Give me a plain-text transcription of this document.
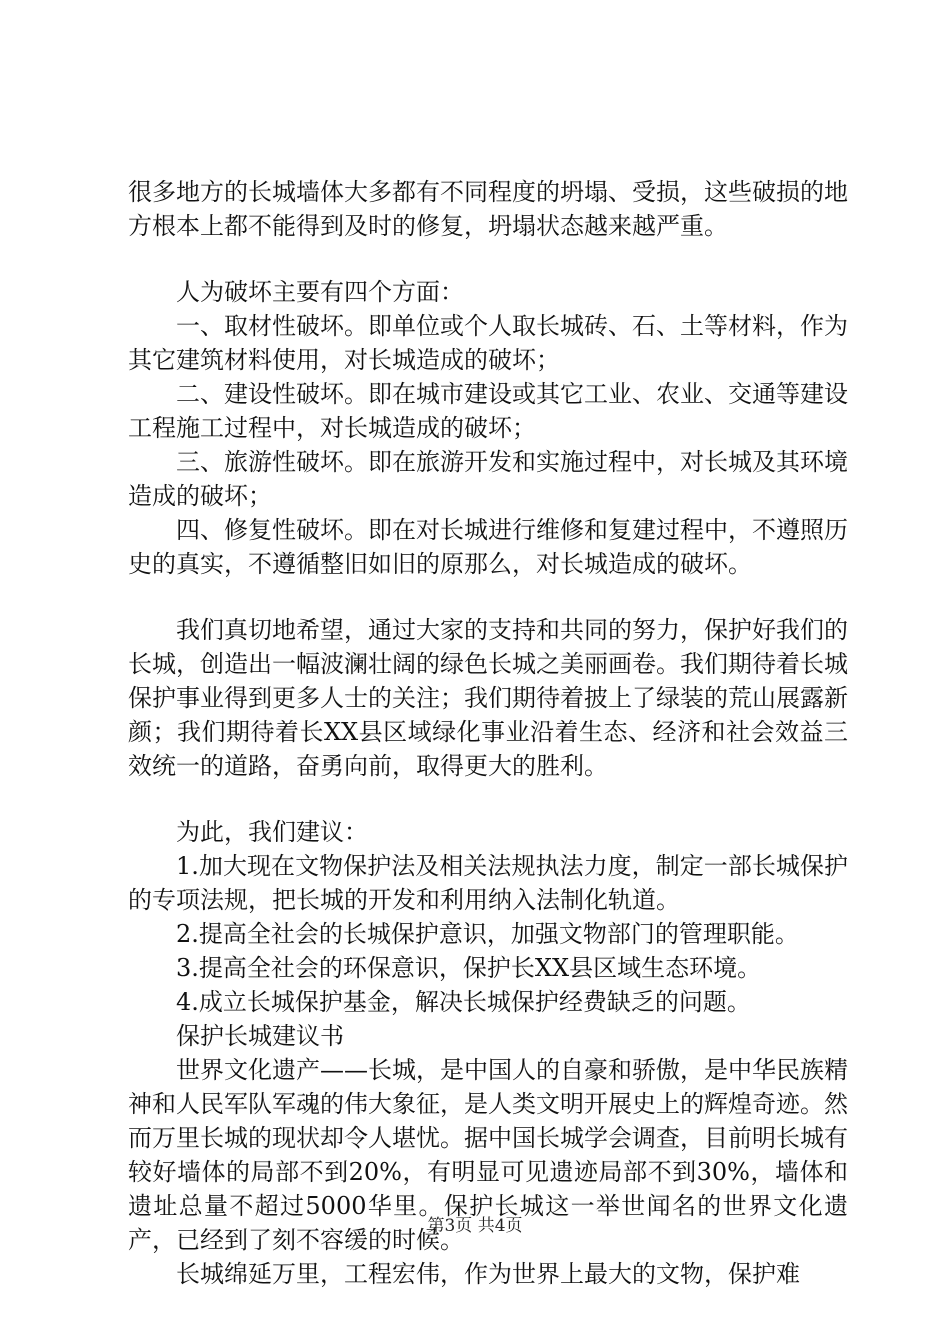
很多地方的长城墙体大多都有不同程度的坍塌、受损，这些破损的地方根本上都不能得到及时的修复，坍塌状态越来越严重。

人为破坏主要有四个方面：

一、取材性破坏。即单位或个人取长城砖、石、土等材料，作为其它建筑材料使用，对长城造成的破坏；

二、建设性破坏。即在城市建设或其它工业、农业、交通等建设工程施工过程中，对长城造成的破坏；

三、旅游性破坏。即在旅游开发和实施过程中，对长城及其环境造成的破坏；

四、修复性破坏。即在对长城进行维修和复建过程中，不遵照历史的真实，不遵循整旧如旧的原那么，对长城造成的破坏。

我们真切地希望，通过大家的支持和共同的努力，保护好我们的长城，创造出一幅波澜壮阔的绿色长城之美丽画卷。我们期待着长城保护事业得到更多人士的关注；我们期待着披上了绿装的荒山展露新颜；我们期待着长XX县区域绿化事业沿着生态、经济和社会效益三效统一的道路，奋勇向前，取得更大的胜利。

为此，我们建议：

1.加大现在文物保护法及相关法规执法力度，制定一部长城保护的专项法规，把长城的开发和利用纳入法制化轨道。

2.提高全社会的长城保护意识，加强文物部门的管理职能。

3.提高全社会的环保意识，保护长XX县区域生态环境。

4.成立长城保护基金，解决长城保护经费缺乏的问题。

保护长城建议书

世界文化遗产——长城，是中国人的自豪和骄傲，是中华民族精神和人民军队军魂的伟大象征，是人类文明开展史上的辉煌奇迹。然而万里长城的现状却令人堪忧。据中国长城学会调查，目前明长城有较好墙体的局部不到20%，有明显可见遗迹局部不到30%，墙体和遗址总量不超过5000华里。保护长城这一举世闻名的世界文化遗产，已经到了刻不容缓的时候。

长城绵延万里，工程宏伟，作为世界上最大的文物，保护难

第3页 共4页
